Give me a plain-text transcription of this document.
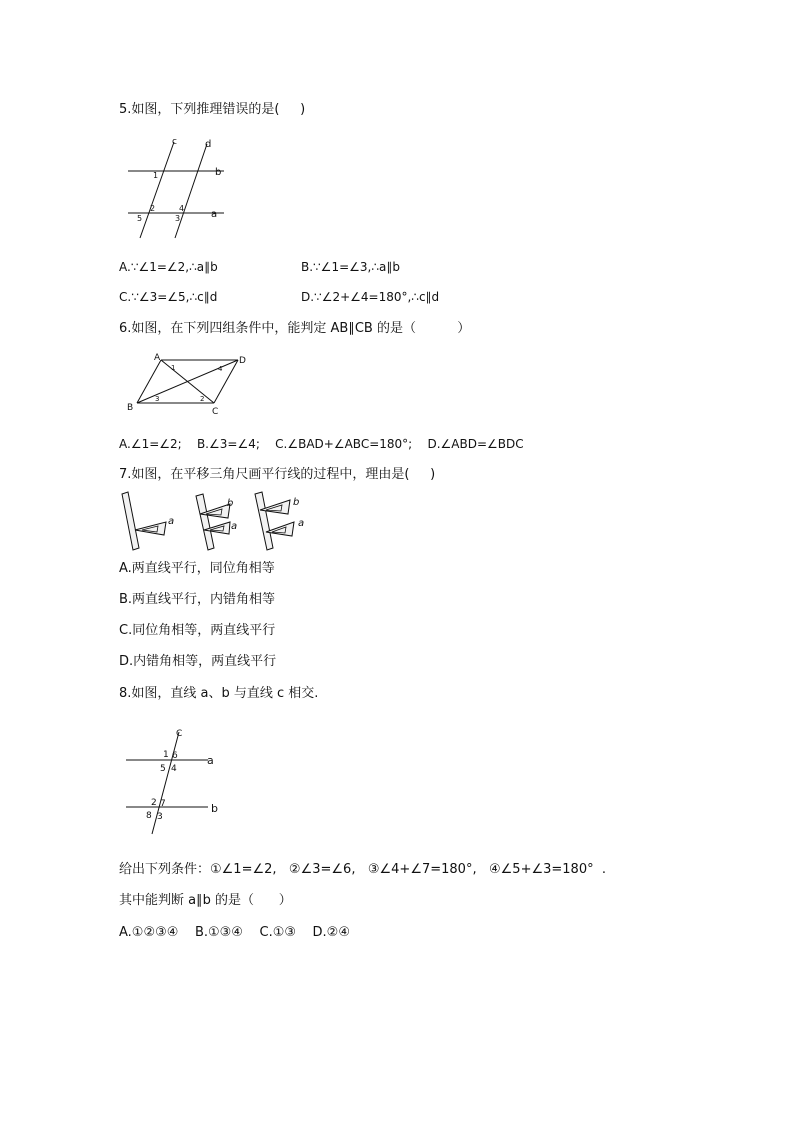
5.如图，下列推理错误的是(     )
c	d
b
a
1
2
3
4
5
A.∵∠1=∠2,∴a∥b	B.∵∠1=∠3,∴a∥b
C.∵∠3=∠5,∴c∥d	D.∵∠2+∠4=180°,∴c∥d
6.如图，在下列四组条件中，能判定 AB∥CB 的是（          ）
A	D
B	C
1
2
3
4
A.∠1=∠2;    B.∠3=∠4;    C.∠BAD+∠ABC=180°;    D.∠ABD=∠BDC
7.如图，在平移三角尺画平行线的过程中，理由是(     )
a
b
a
b
a
A.两直线平行，同位角相等
B.两直线平行，内错角相等
C.同位角相等，两直线平行
D.内错角相等，两直线平行
8.如图，直线 a、b 与直线 c 相交.
C
a
b
1 6
5 4
2 7
8 3
给出下列条件：①∠1=∠2,   ②∠3=∠6,   ③∠4+∠7=180°,   ④∠5+∠3=180°  .
其中能判断 a∥b 的是（      ）
A.①②③④    B.①③④    C.①③    D.②④
